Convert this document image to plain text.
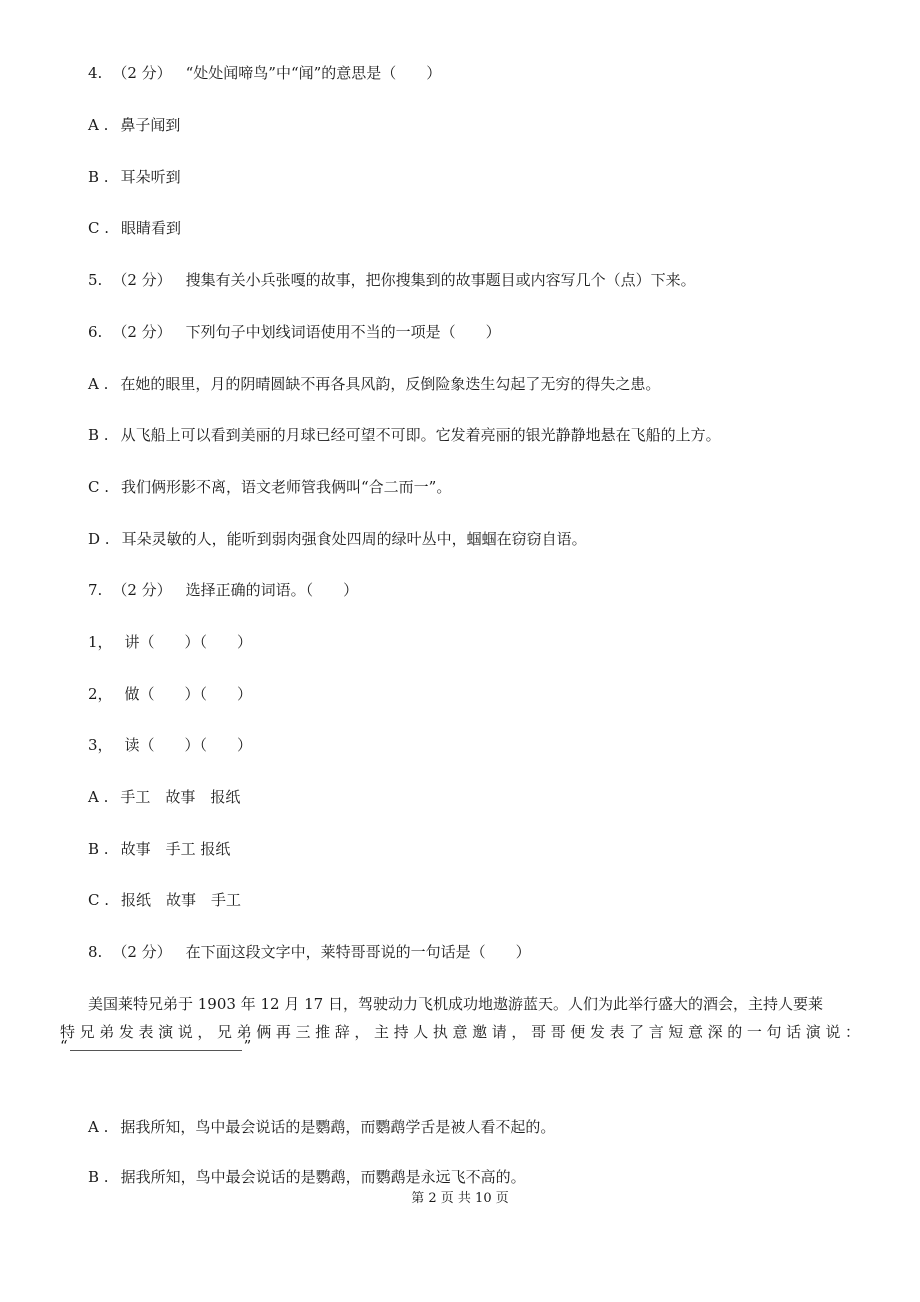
4. （2 分） “处处闻啼鸟”中“闻”的意思是（　　）
A . 鼻子闻到
B . 耳朵听到
C . 眼睛看到
5. （2 分） 搜集有关小兵张嘎的故事，把你搜集到的故事题目或内容写几个（点）下来。
6. （2 分） 下列句子中划线词语使用不当的一项是（　　）
A . 在她的眼里，月的阴晴圆缺不再各具风韵，反倒险象迭生勾起了无穷的得失之患。
B . 从飞船上可以看到美丽的月球已经可望不可即。它发着亮丽的银光静静地悬在飞船的上方。
C . 我们俩形影不离，语文老师管我俩叫“合二而一”。
D . 耳朵灵敏的人，能听到弱肉强食处四周的绿叶丛中，蝈蝈在窃窃自语。
7. （2 分） 选择正确的词语。（　　）
1， 讲（　　）（　　）
2， 做（　　）（　　）
3， 读（　　）（　　）
A . 手工　故事　报纸
B . 故事　手工 报纸
C . 报纸　故事　手工
8. （2 分） 在下面这段文字中，莱特哥哥说的一句话是（　　）
美国莱特兄弟于 1903 年 12 月 17 日，驾驶动力飞机成功地遨游蓝天。人们为此举行盛大的酒会，主持人要莱
特兄弟发表演说，兄弟俩再三推辞，主持人执意邀请，哥哥便发表了言短意深的一句话演说：
“	”
A . 据我所知，鸟中最会说话的是鹦鹉，而鹦鹉学舌是被人看不起的。
B . 据我所知，鸟中最会说话的是鹦鹉，而鹦鹉是永远飞不高的。
第 2 页 共 10 页
